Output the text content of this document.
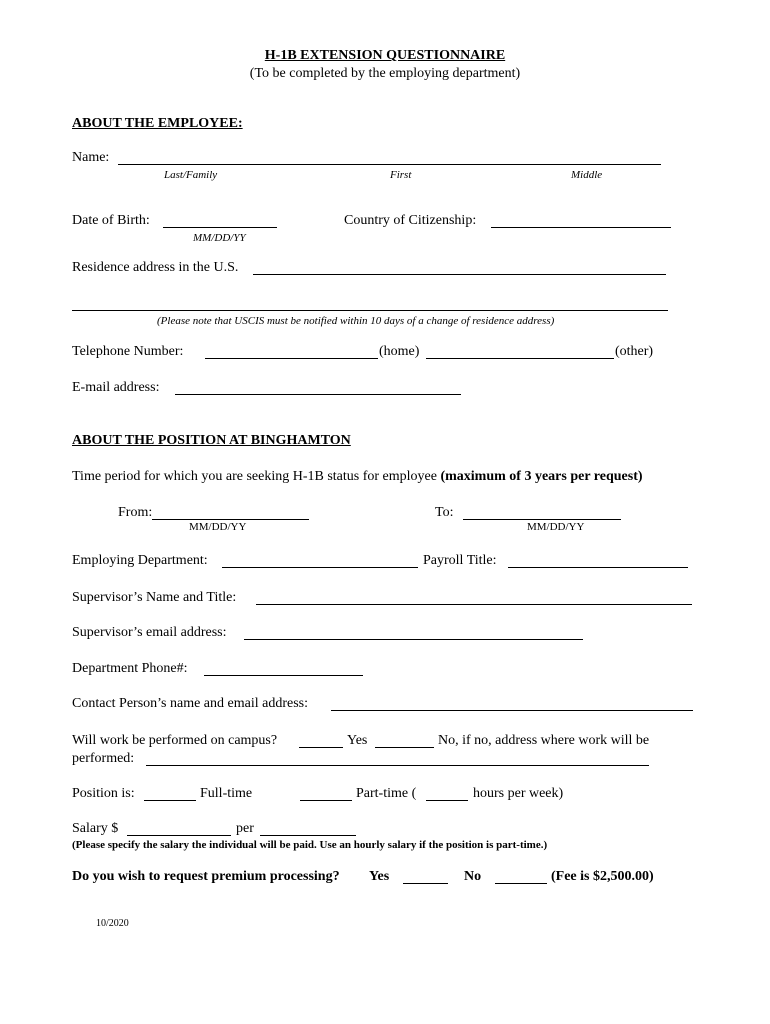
H-1B EXTENSION QUESTIONNAIRE
(To be completed by the employing department)
ABOUT THE EMPLOYEE:
Name:
Last/Family	First	Middle
Date of Birth:
MM/DD/YY
Country of Citizenship:
Residence address in the U.S.
(Please note that USCIS must be notified within 10 days of a change of residence address)
Telephone Number:	(home)	(other)
E-mail address:
ABOUT THE POSITION AT BINGHAMTON
Time period for which you are seeking H-1B status for employee (maximum of 3 years per request)
From:
MM/DD/YY
To:
MM/DD/YY
Employing Department:	Payroll Title:
Supervisor’s Name and Title:
Supervisor’s email address:
Department Phone#:
Contact Person’s name and email address:
Will work be performed on campus?	Yes	No, if no, address where work will be
performed:
Position is:	Full-time	Part-time (	hours per week)
Salary $	per
(Please specify the salary the individual will be paid. Use an hourly salary if the position is part-time.)
Do you wish to request premium processing? Yes	No	(Fee is $2,500.00)
10/2020
